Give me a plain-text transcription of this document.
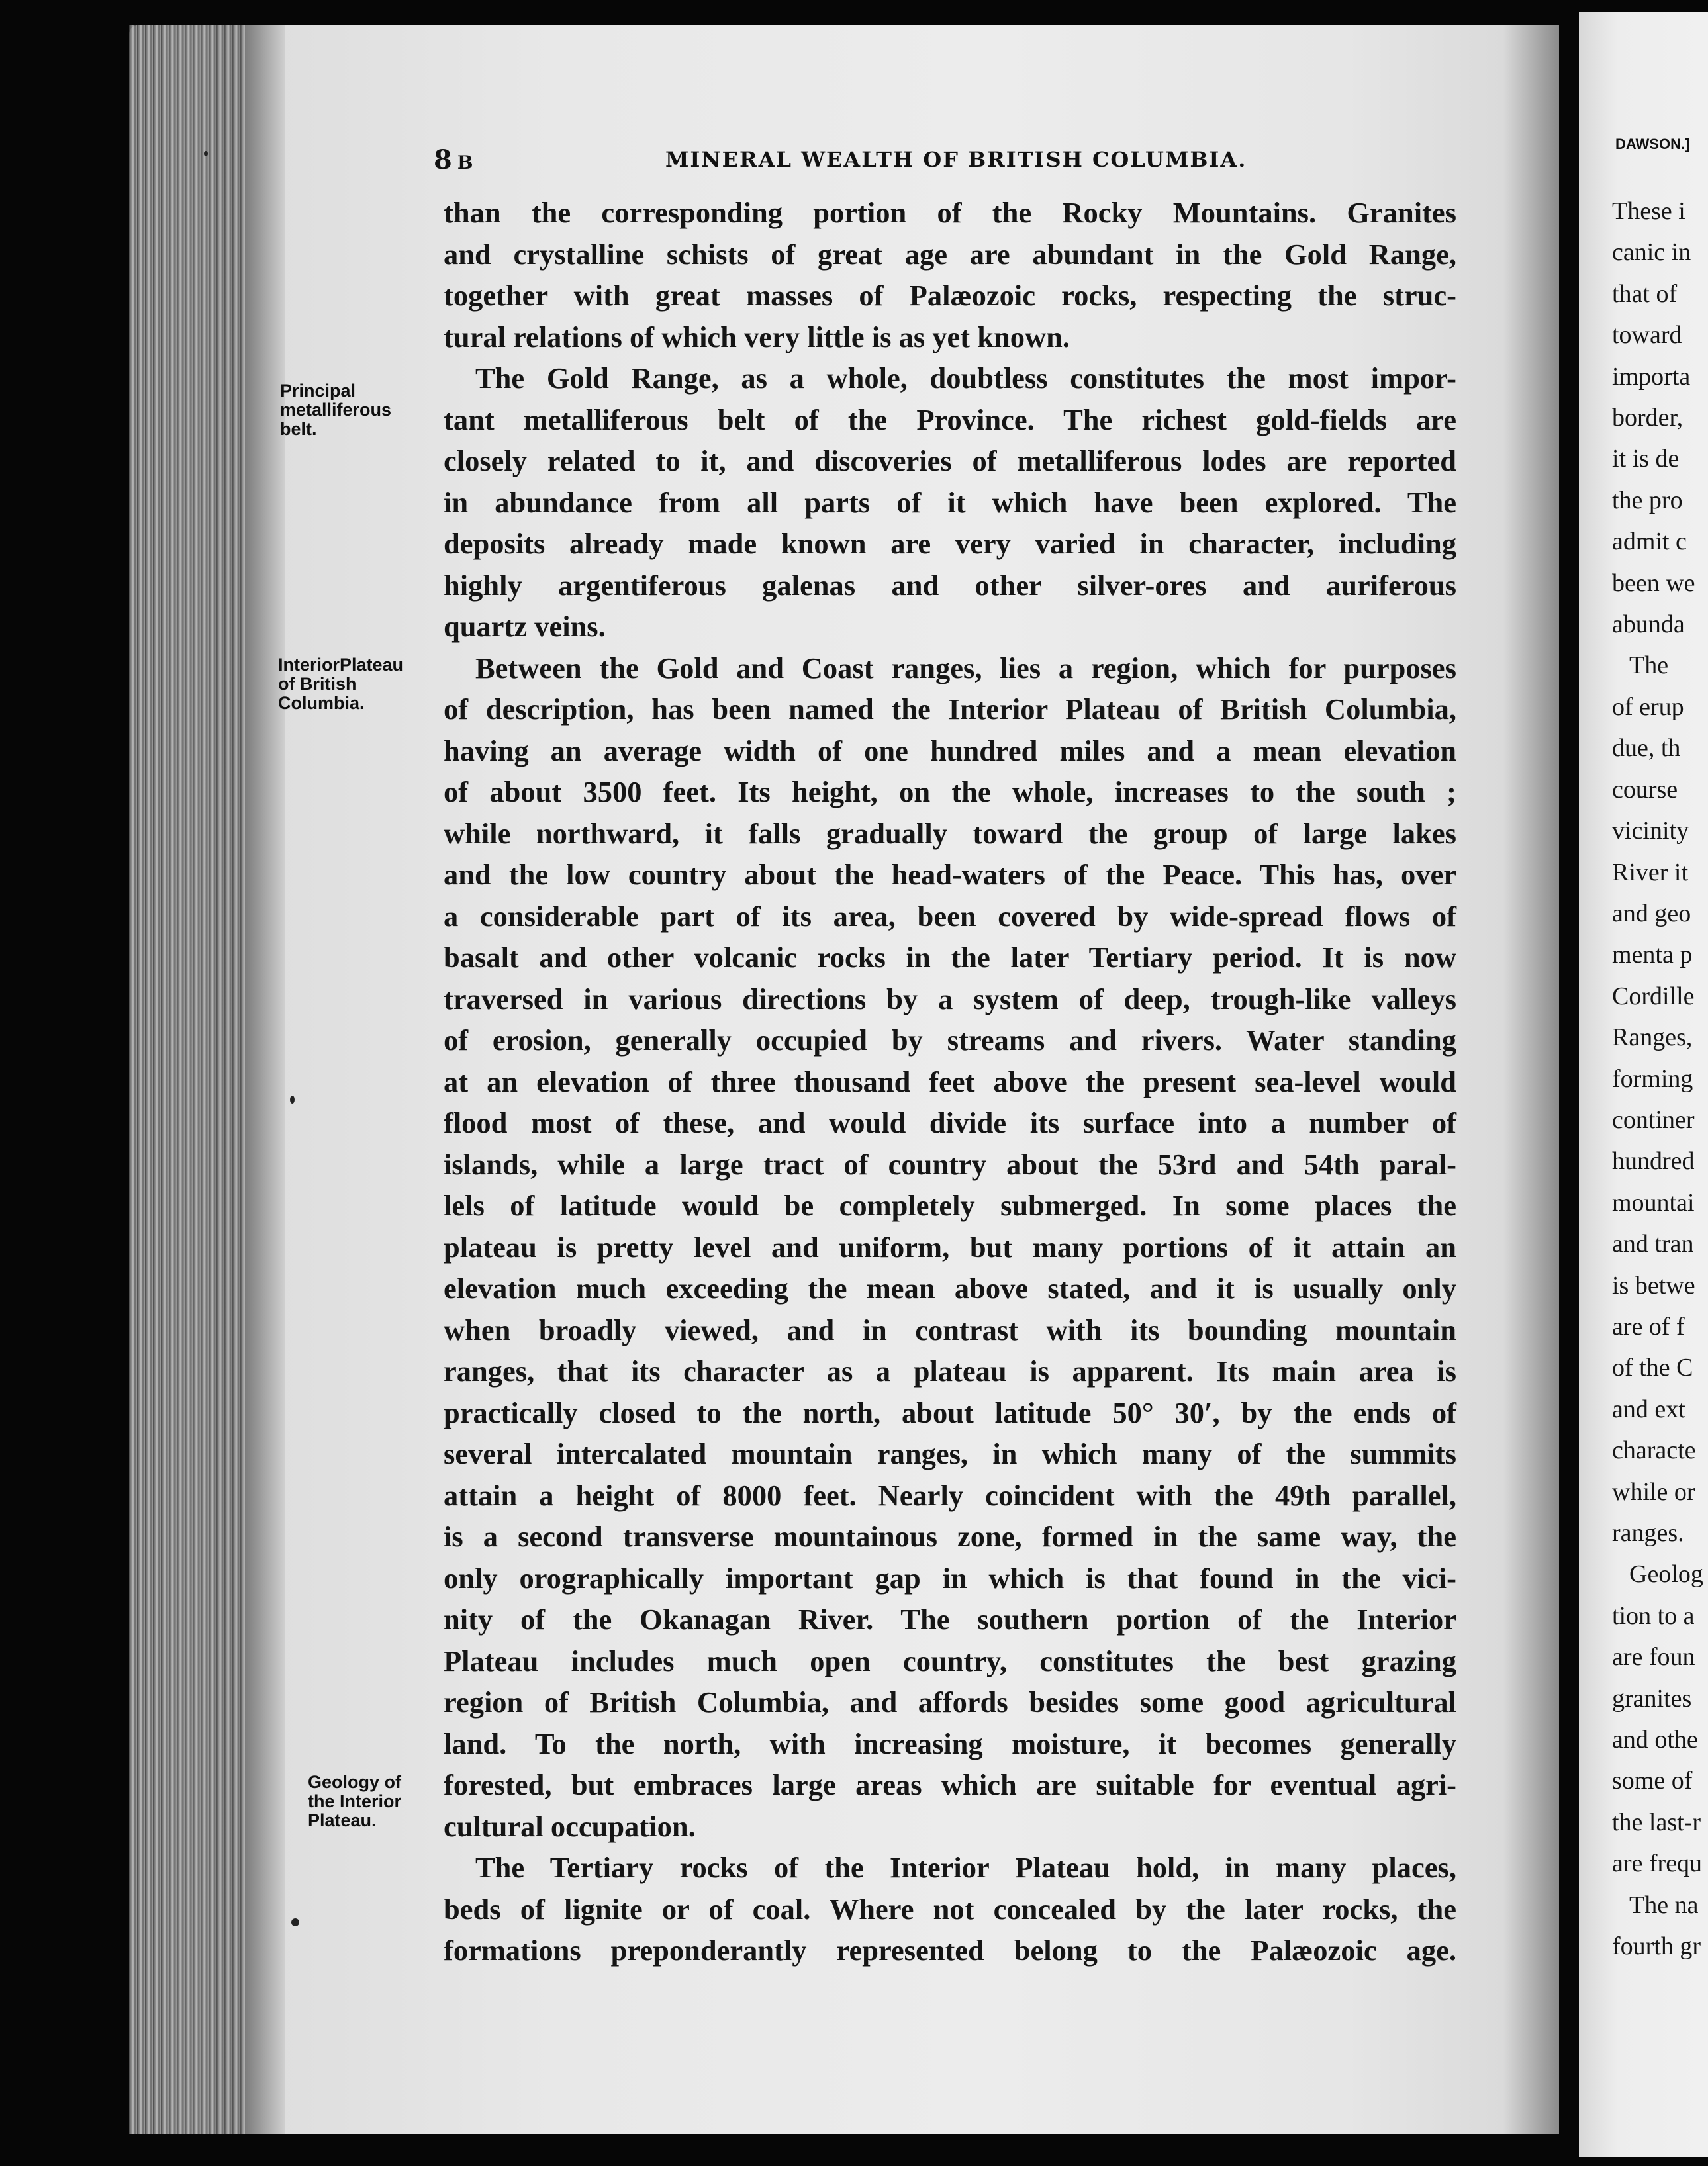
8 B	MINERAL WEALTH OF BRITISH COLUMBIA.
Principal
metalliferous
belt.
InteriorPlateau
of British
Columbia.
Geology of
the Interior
Plateau.
than the corresponding portion of the Rocky Mountains. Granites
and crystalline schists of great age are abundant in the Gold Range,
together with great masses of Palæozoic rocks, respecting the struc-
tural relations of which very little is as yet known.
The Gold Range, as a whole, doubtless constitutes the most impor-
tant metalliferous belt of the Province. The richest gold-fields are
closely related to it, and discoveries of metalliferous lodes are reported
in abundance from all parts of it which have been explored. The
deposits already made known are very varied in character, including
highly argentiferous galenas and other silver-ores and auriferous
quartz veins.
Between the Gold and Coast ranges, lies a region, which for purposes
of description, has been named the Interior Plateau of British Columbia,
having an average width of one hundred miles and a mean elevation
of about 3500 feet. Its height, on the whole, increases to the south ;
while northward, it falls gradually toward the group of large lakes
and the low country about the head-waters of the Peace. This has, over
a considerable part of its area, been covered by wide-spread flows of
basalt and other volcanic rocks in the later Tertiary period. It is now
traversed in various directions by a system of deep, trough-like valleys
of erosion, generally occupied by streams and rivers. Water standing
at an elevation of three thousand feet above the present sea-level would
flood most of these, and would divide its surface into a number of
islands, while a large tract of country about the 53rd and 54th paral-
lels of latitude would be completely submerged. In some places the
plateau is pretty level and uniform, but many portions of it attain an
elevation much exceeding the mean above stated, and it is usually only
when broadly viewed, and in contrast with its bounding mountain
ranges, that its character as a plateau is apparent. Its main area is
practically closed to the north, about latitude 50° 30′, by the ends of
several intercalated mountain ranges, in which many of the summits
attain a height of 8000 feet. Nearly coincident with the 49th parallel,
is a second transverse mountainous zone, formed in the same way, the
only orographically important gap in which is that found in the vici-
nity of the Okanagan River. The southern portion of the Interior
Plateau includes much open country, constitutes the best grazing
region of British Columbia, and affords besides some good agricultural
land. To the north, with increasing moisture, it becomes generally
forested, but embraces large areas which are suitable for eventual agri-
cultural occupation.
The Tertiary rocks of the Interior Plateau hold, in many places,
beds of lignite or of coal. Where not concealed by the later rocks, the
formations preponderantly represented belong to the Palæozoic age.
DAWSON.]
These i
canic in
that of
toward
importa
border,
it is de
the pro
admit c
been we
abunda
The
of erup
due, th
course
vicinity
River it
and geo
menta p
Cordille
Ranges,
forming
continer
hundred
mountai
and tran
is betwe
are of f
of the C
and ext
characte
while or
ranges.
Geolog
tion to a
are foun
granites
and othe
some of
the last-r
are frequ
The na
fourth gr
